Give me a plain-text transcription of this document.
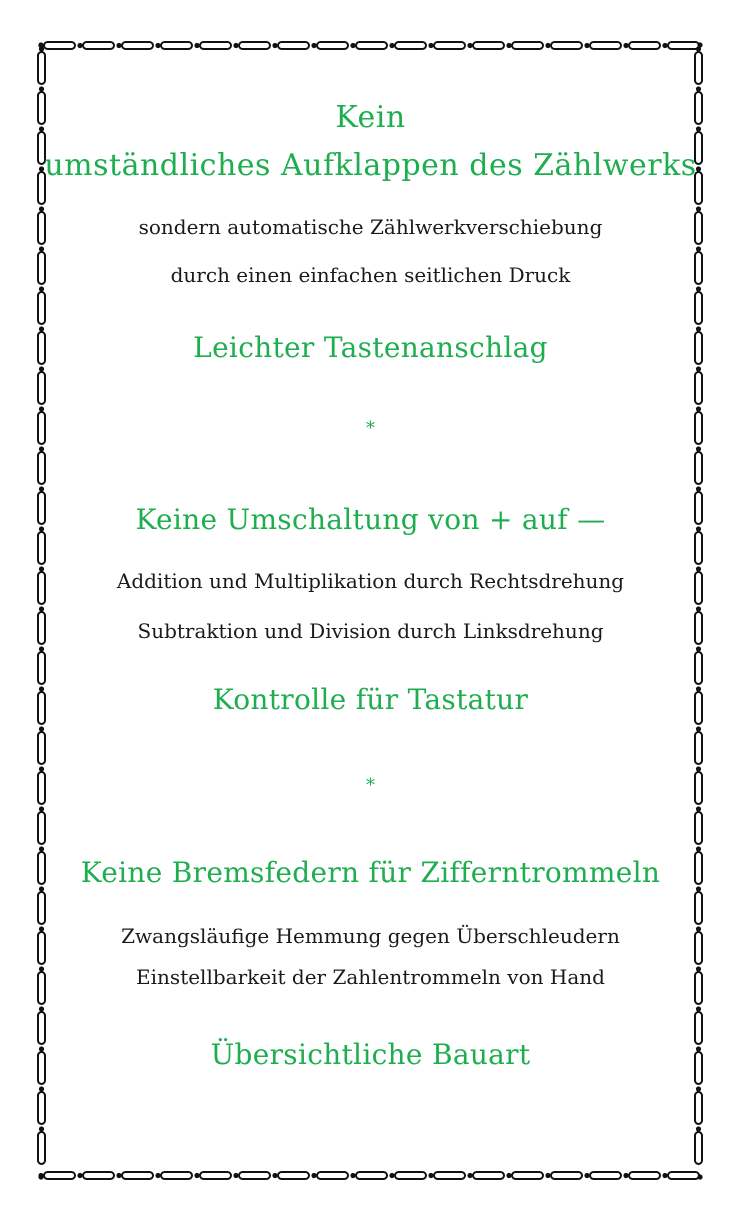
Kein
umständliches Aufklappen des Zählwerks
sondern automatische Zählwerkverschiebung
durch einen einfachen seitlichen Druck
Leichter Tastenanschlag
*
Keine Umschaltung von + auf —
Addition und Multiplikation durch Rechtsdrehung
Subtraktion und Division durch Linksdrehung
Kontrolle für Tastatur
*
Keine Bremsfedern für Zifferntrommeln
Zwangsläufige Hemmung gegen Überschleudern
Einstellbarkeit der Zahlentrommeln von Hand
Übersichtliche Bauart
